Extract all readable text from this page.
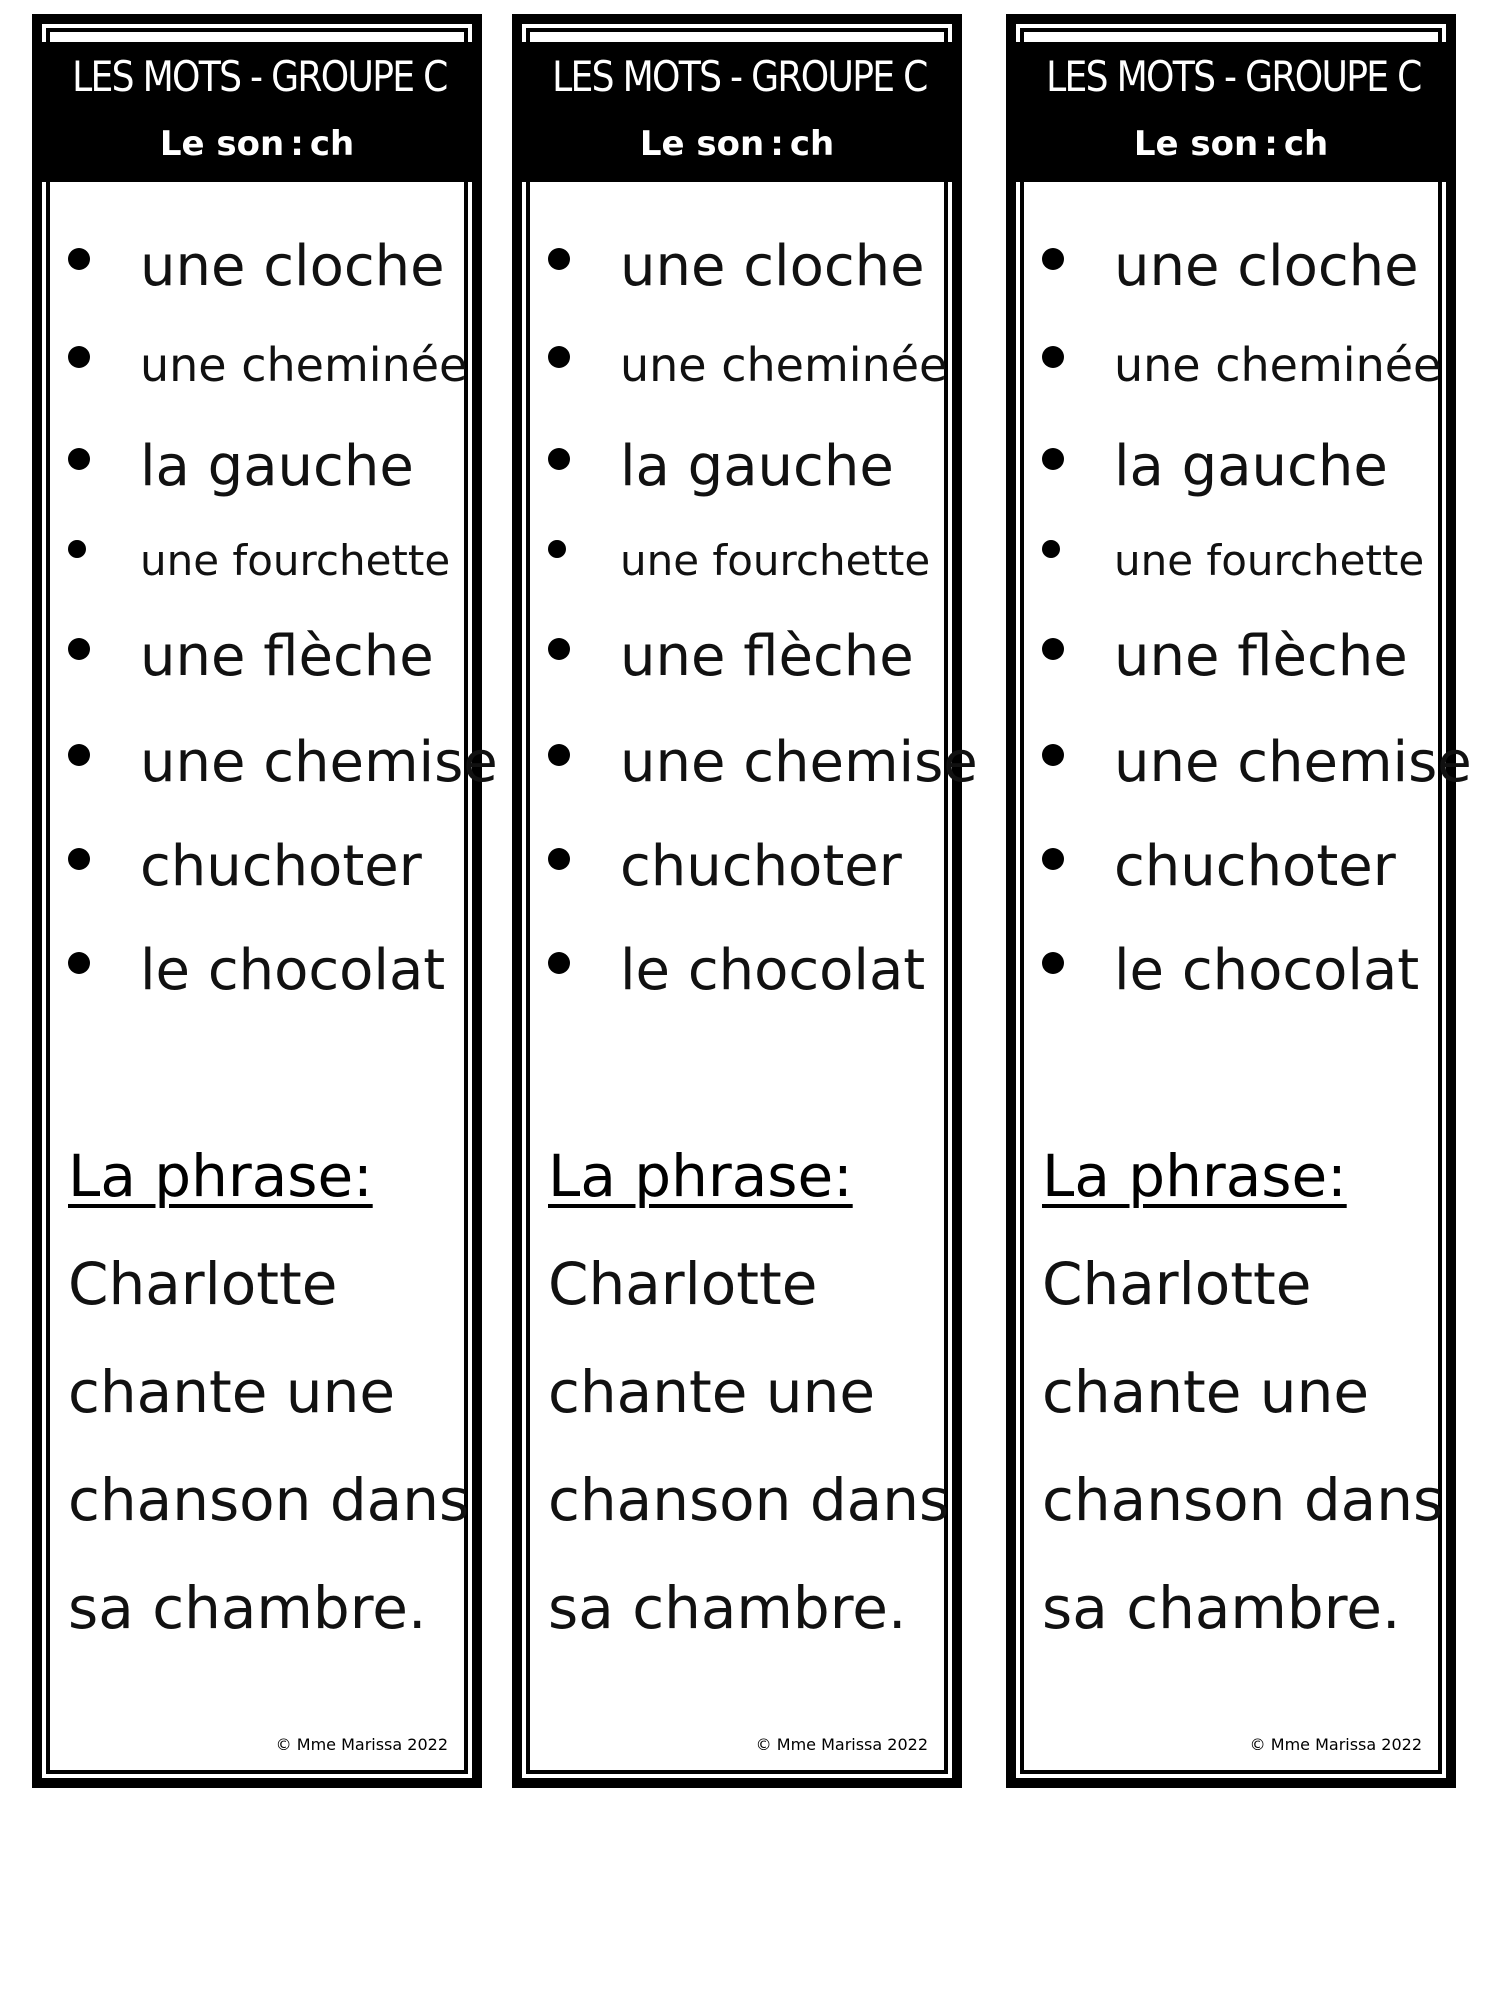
LES MOTS - GROUPE C
Le son : ch
une cloche
une cheminée
la gauche
une fourchette
une flèche
une chemise
chuchoter
le chocolat
La phrase:
Charlotte
chante une
chanson dans
sa chambre.
© Mme Marissa 2022
LES MOTS - GROUPE C
Le son : ch
une cloche
une cheminée
la gauche
une fourchette
une flèche
une chemise
chuchoter
le chocolat
La phrase:
Charlotte
chante une
chanson dans
sa chambre.
© Mme Marissa 2022
LES MOTS - GROUPE C
Le son : ch
une cloche
une cheminée
la gauche
une fourchette
une flèche
une chemise
chuchoter
le chocolat
La phrase:
Charlotte
chante une
chanson dans
sa chambre.
© Mme Marissa 2022
